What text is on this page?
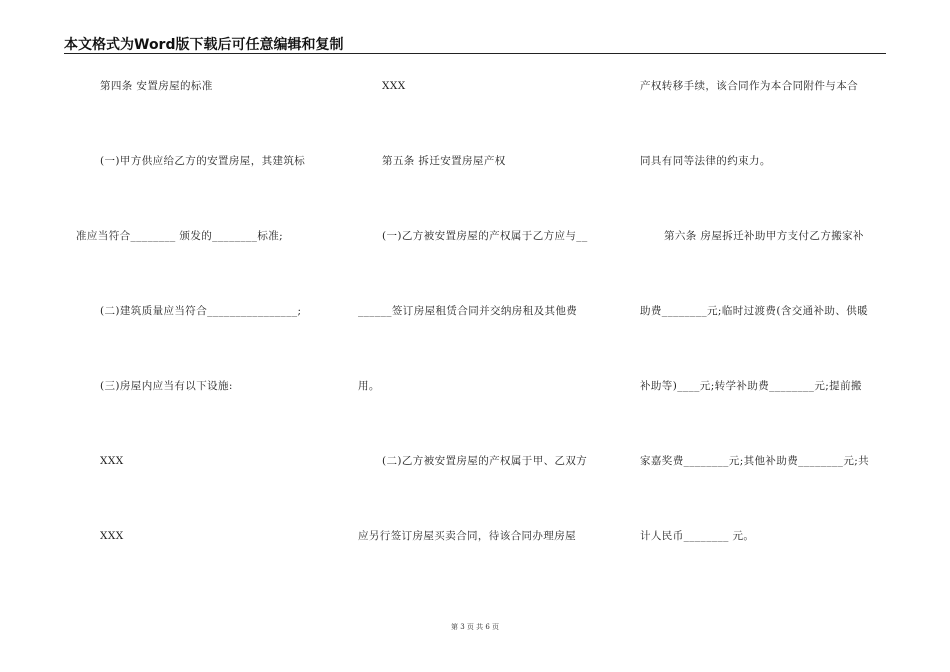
本文格式为Word版下载后可任意编辑和复制
第四条 安置房屋的标准
(一)甲方供应给乙方的安置房屋，其建筑标
准应当符合________ 颁发的________标准;
(二)建筑质量应当符合________________;
(三)房屋内应当有以下设施:
XXX
XXX
XXX
第五条 拆迁安置房屋产权
(一)乙方被安置房屋的产权属于乙方应与__
______签订房屋租赁合同并交纳房租及其他费
用。
(二)乙方被安置房屋的产权属于甲、乙双方
应另行签订房屋买卖合同，待该合同办理房屋
产权转移手续，该合同作为本合同附件与本合
同具有同等法律的约束力。
第六条 房屋拆迁补助甲方支付乙方搬家补
助费________元;临时过渡费(含交通补助、供暖
补助等)____元;转学补助费________元;提前搬
家嘉奖费________元;其他补助费________元;共
计人民币________ 元。
第 3 页 共 6 页
